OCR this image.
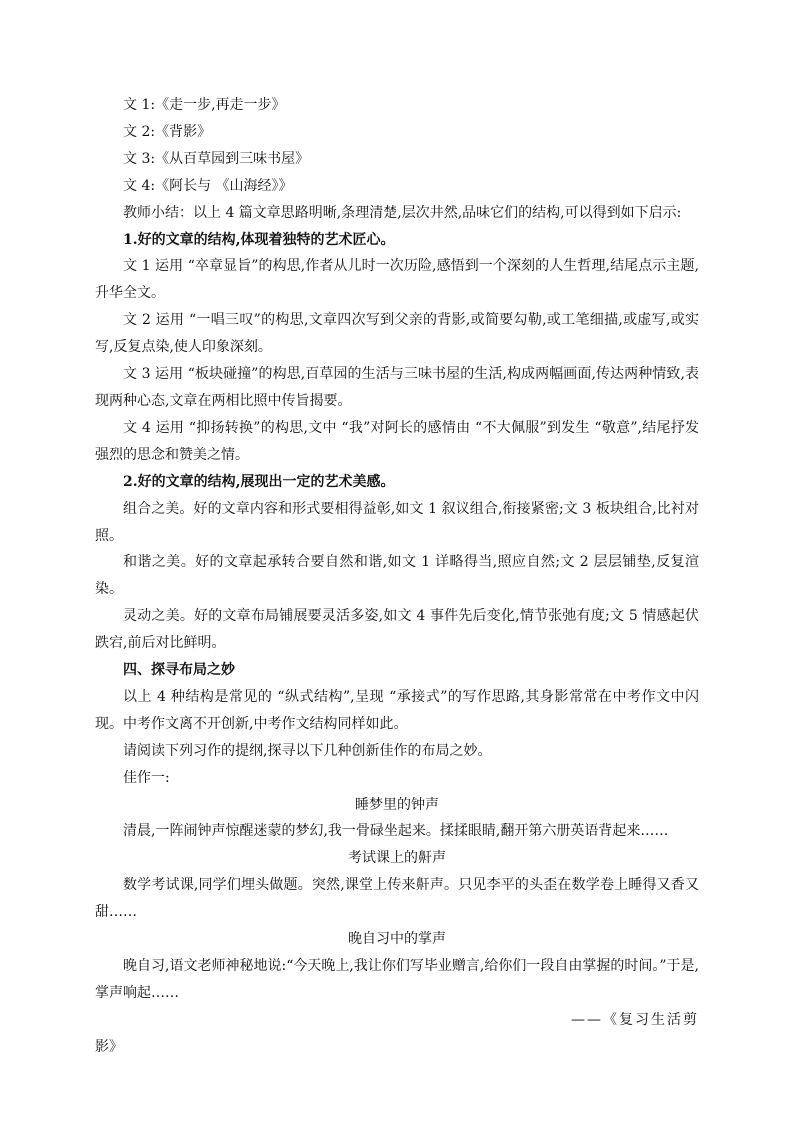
文 1:《走一步,再走一步》

文 2:《背影》

文 3:《从百草园到三味书屋》

文 4:《阿长与 《山海经》》

教师小结：以上 4 篇文章思路明晰,条理清楚,层次井然,品味它们的结构,可以得到如下启示:

1.好的文章的结构,体现着独特的艺术匠心。

文 1 运用 “卒章显旨”的构思,作者从儿时一次历险,感悟到一个深刻的人生哲理,结尾点示主题,升华全文。

文 2 运用 “一唱三叹”的构思,文章四次写到父亲的背影,或简要勾勒,或工笔细描,或虚写,或实写,反复点染,使人印象深刻。

文 3 运用 “板块碰撞”的构思,百草园的生活与三味书屋的生活,构成两幅画面,传达两种情致,表现两种心态,文章在两相比照中传旨揭要。

文 4 运用 “抑扬转换”的构思,文中 “我”对阿长的感情由 “不大佩服”到发生 “敬意”,结尾抒发强烈的思念和赞美之情。

2.好的文章的结构,展现出一定的艺术美感。

组合之美。好的文章内容和形式要相得益彰,如文 1 叙议组合,衔接紧密;文 3 板块组合,比衬对照。

和谐之美。好的文章起承转合要自然和谐,如文 1 详略得当,照应自然;文 2 层层铺垫,反复渲染。

灵动之美。好的文章布局铺展要灵活多姿,如文 4 事件先后变化,情节张弛有度;文 5 情感起伏跌宕,前后对比鲜明。

四、探寻布局之妙

以上 4 种结构是常见的 “纵式结构”,呈现 “承接式”的写作思路,其身影常常在中考作文中闪现。中考作文离不开创新,中考作文结构同样如此。

请阅读下列习作的提纲,探寻以下几种创新佳作的布局之妙。

佳作一:

睡梦里的钟声

清晨,一阵闹钟声惊醒迷蒙的梦幻,我一骨碌坐起来。揉揉眼睛,翻开第六册英语背起来……

考试课上的鼾声

数学考试课,同学们埋头做题。突然,课堂上传来鼾声。只见李平的头歪在数学卷上睡得又香又甜……

晚自习中的掌声

晚自习,语文老师神秘地说:“今天晚上,我让你们写毕业赠言,给你们一段自由掌握的时间。”于是,掌声响起……

——《复习生活剪

影》
